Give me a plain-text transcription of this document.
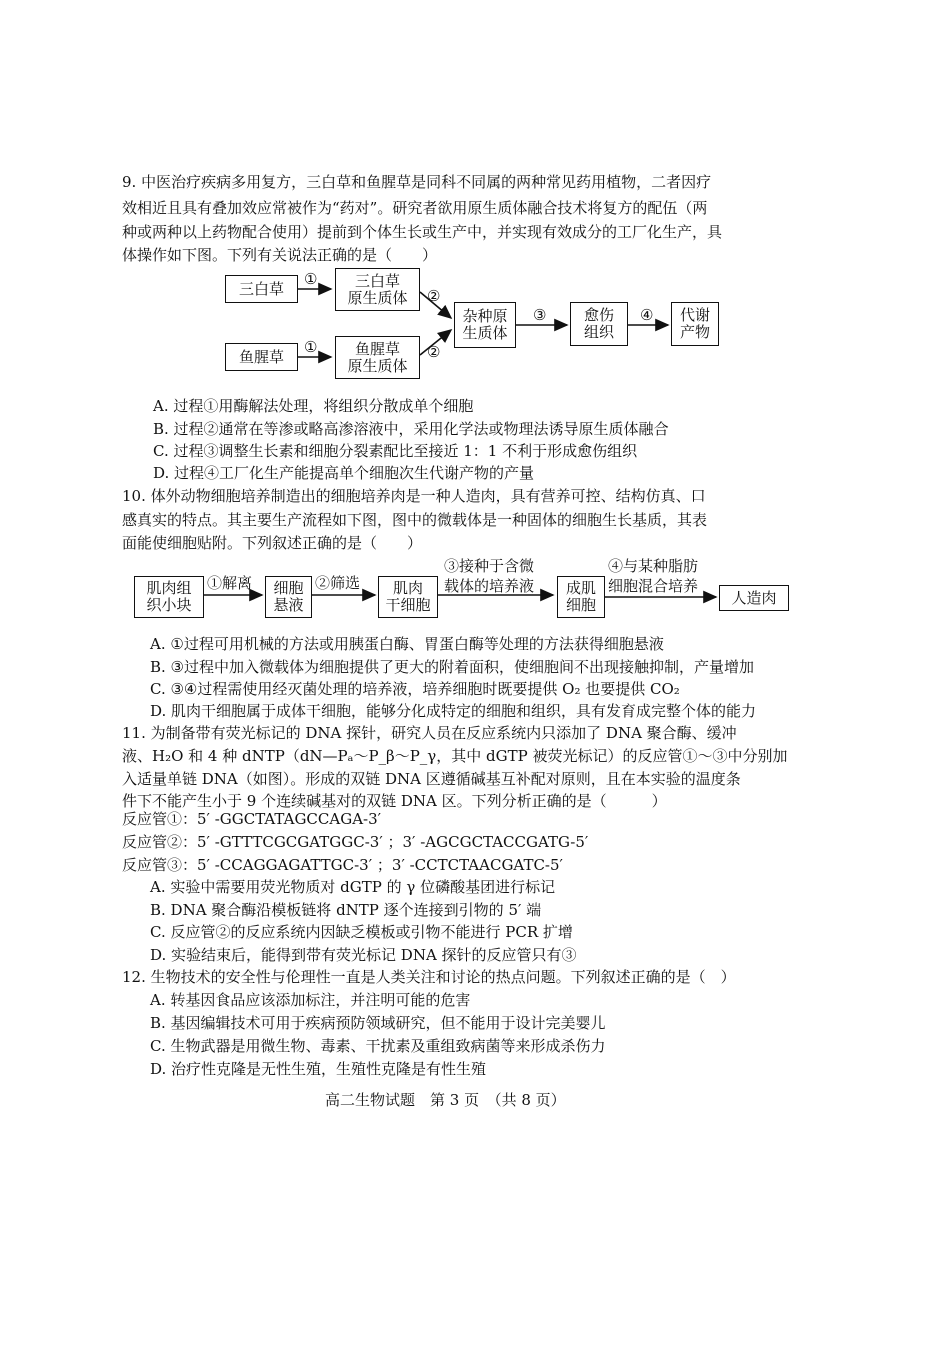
9. 中医治疗疾病多用复方，三白草和鱼腥草是同科不同属的两种常见药用植物，二者因疗
效相近且具有叠加效应常被作为“药对”。研究者欲用原生质体融合技术将复方的配伍（两
种或两种以上药物配合使用）提前到个体生长或生产中，并实现有效成分的工厂化生产，具
体操作如下图。下列有关说法正确的是（　　）
三白草
①	三白草
原生质体
鱼腥草
①	鱼腥草
原生质体
②
②
杂种原
生质体
③	愈伤
组织
④ 代谢
产物
A. 过程①用酶解法处理，将组织分散成单个细胞
B. 过程②通常在等渗或略高渗溶液中，采用化学法或物理法诱导原生质体融合
C. 过程③调整生长素和细胞分裂素配比至接近 1：1 不利于形成愈伤组织
D. 过程④工厂化生产能提高单个细胞次生代谢产物的产量
10. 体外动物细胞培养制造出的细胞培养肉是一种人造肉，具有营养可控、结构仿真、口
感真实的特点。其主要生产流程如下图，图中的微载体是一种固体的细胞生长基质，其表
面能使细胞贴附。下列叙述正确的是（　　）
肌肉组
织小块
①解离 细胞
悬液
②筛选 肌肉
干细胞
③接种于含微
载体的培养液 成肌
细胞
④与某种脂肪
细胞混合培养
人造肉
A. ①过程可用机械的方法或用胰蛋白酶、胃蛋白酶等处理的方法获得细胞悬液
B. ③过程中加入微载体为细胞提供了更大的附着面积，使细胞间不出现接触抑制，产量增加
C. ③④过程需使用经灭菌处理的培养液，培养细胞时既要提供 O₂ 也要提供 CO₂
D. 肌肉干细胞属于成体干细胞，能够分化成特定的细胞和组织，具有发育成完整个体的能力
11. 为制备带有荧光标记的 DNA 探针，研究人员在反应系统内只添加了 DNA 聚合酶、缓冲
液、H₂O 和 4 种 dNTP（dN—Pₐ～P_β～P_γ，其中 dGTP 被荧光标记）的反应管①～③中分别加
入适量单链 DNA（如图）。形成的双链 DNA 区遵循碱基互补配对原则，且在本实验的温度条
件下不能产生小于 9 个连续碱基对的双链 DNA 区。下列分析正确的是（　　　）
反应管①：5′ -GGCTATAGCCAGA-3′
反应管②：5′ -GTTTCGCGATGGC-3′ ；3′ -AGCGCTACCGATG-5′
反应管③：5′ -CCAGGAGATTGC-3′ ；3′ -CCTCTAACGATC-5′
A. 实验中需要用荧光物质对 dGTP 的 γ 位磷酸基团进行标记
B. DNA 聚合酶沿模板链将 dNTP 逐个连接到引物的 5′ 端
C. 反应管②的反应系统内因缺乏模板或引物不能进行 PCR 扩增
D. 实验结束后，能得到带有荧光标记 DNA 探针的反应管只有③
12. 生物技术的安全性与伦理性一直是人类关注和讨论的热点问题。下列叙述正确的是（　）
A. 转基因食品应该添加标注，并注明可能的危害
B. 基因编辑技术可用于疾病预防领域研究，但不能用于设计完美婴儿
C. 生物武器是用微生物、毒素、干扰素及重组致病菌等来形成杀伤力
D. 治疗性克隆是无性生殖，生殖性克隆是有性生殖
高二生物试题　第 3 页　（共 8 页）
